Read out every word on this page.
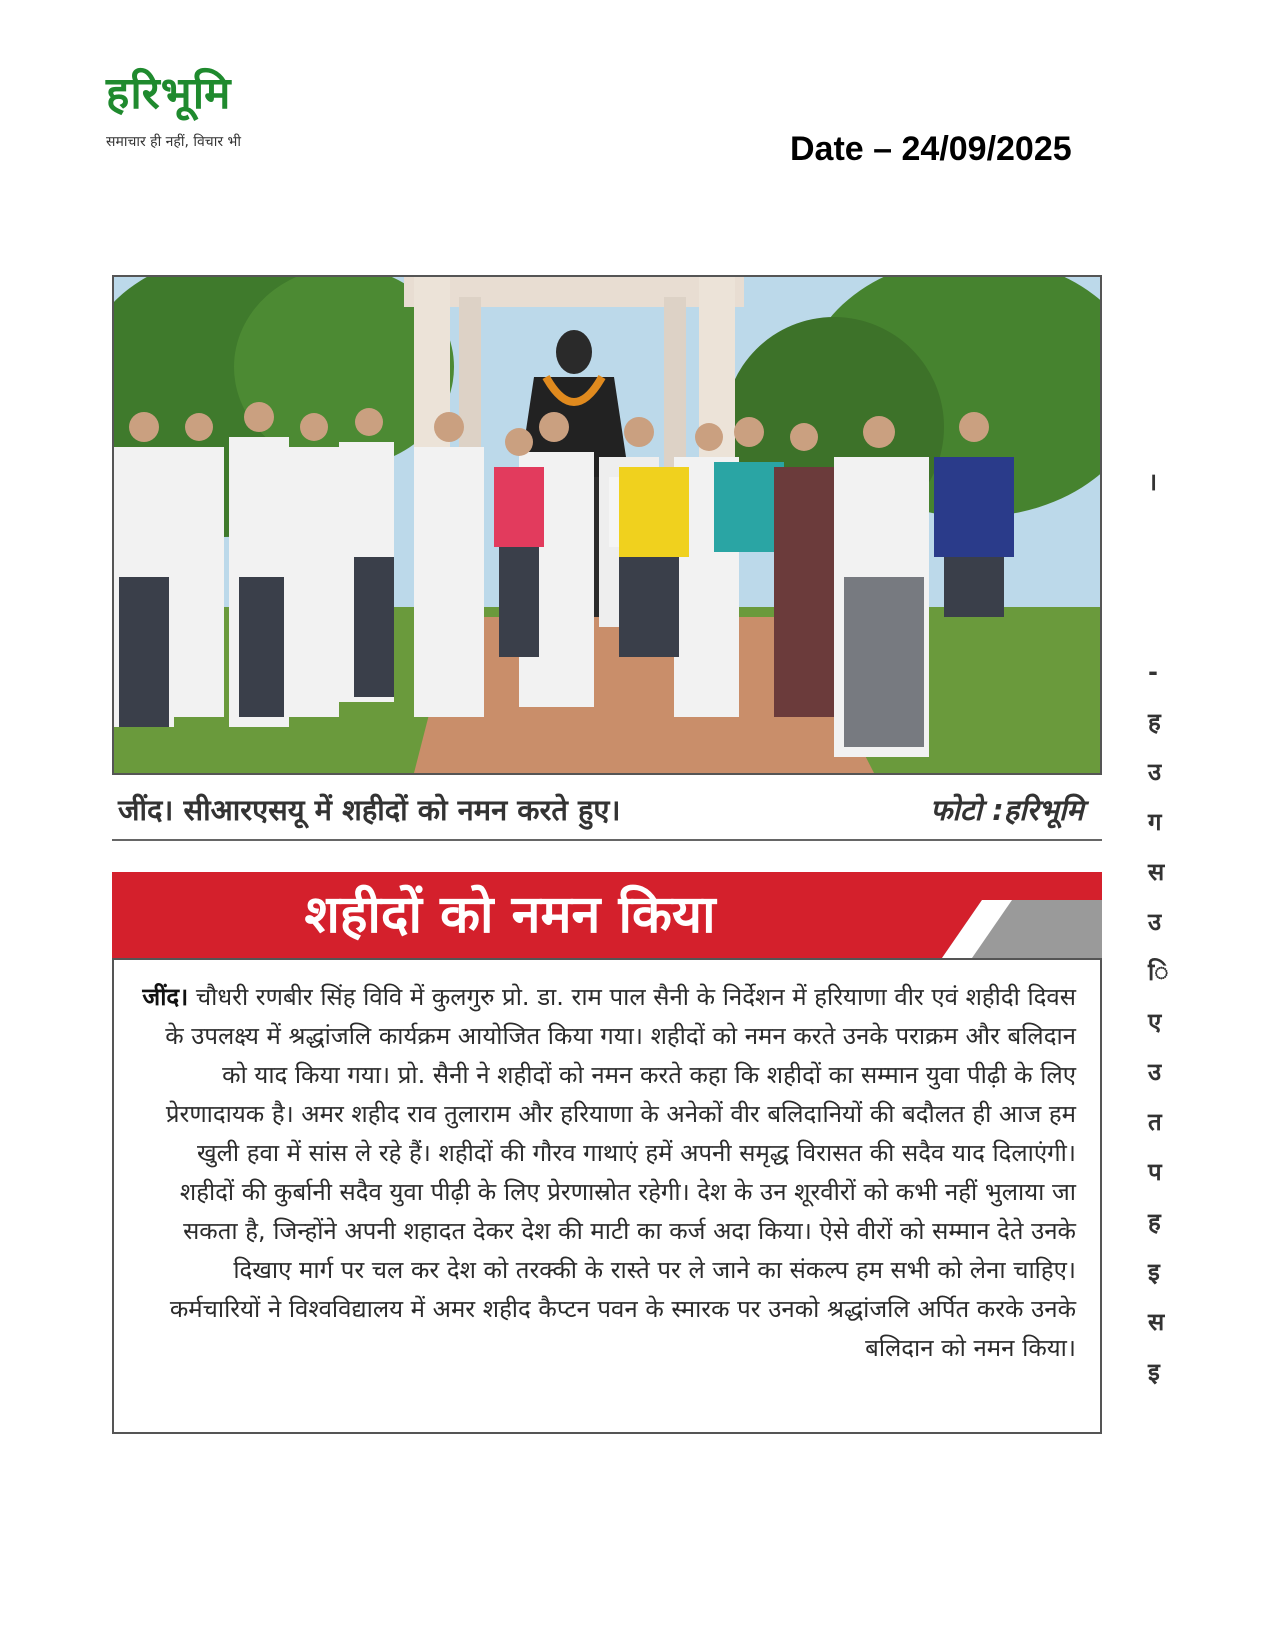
हरिभूमि
समाचार ही नहीं, विचार भी	Date – 24/09/2025
जींद। सीआरएसयू में शहीदों को नमन करते हुए।	फोटो :हरिभूमि
शहीदों को नमन किया

जींद। चौधरी रणबीर सिंह विवि में कुलगुरु प्रो. डा. राम पाल सैनी के निर्देशन में हरियाणा वीर एवं शहीदी दिवस के उपलक्ष्य में श्रद्धांजलि कार्यक्रम आयोजित किया गया। शहीदों को नमन करते उनके पराक्रम और बलिदान को याद किया गया। प्रो. सैनी ने शहीदों को नमन करते कहा कि शहीदों का सम्मान युवा पीढ़ी के लिए प्रेरणादायक है। अमर शहीद राव तुलाराम और हरियाणा के अनेकों वीर बलिदानियों की बदौलत ही आज हम खुली हवा में सांस ले रहे हैं। शहीदों की गौरव गाथाएं हमें अपनी समृद्ध विरासत की सदैव याद दिलाएंगी। शहीदों की कुर्बानी सदैव युवा पीढ़ी के लिए प्रेरणास्रोत रहेगी। देश के उन शूरवीरों को कभी नहीं भुलाया जा सकता है, जिन्होंने अपनी शहादत देकर देश की माटी का कर्ज अदा किया। ऐसे वीरों को सम्मान देते उनके दिखाए मार्ग पर चल कर देश को तरक्की के रास्ते पर ले जाने का संकल्प हम सभी को लेना चाहिए। कर्मचारियों ने विश्वविद्यालय में अमर शहीद कैप्टन पवन के स्मारक पर उनको श्रद्धांजलि अर्पित करके उनके बलिदान को नमन किया।

।
-
ह
उ
ग
स
उ
ि
ए
उ
त
प
ह
इ
स
इ
